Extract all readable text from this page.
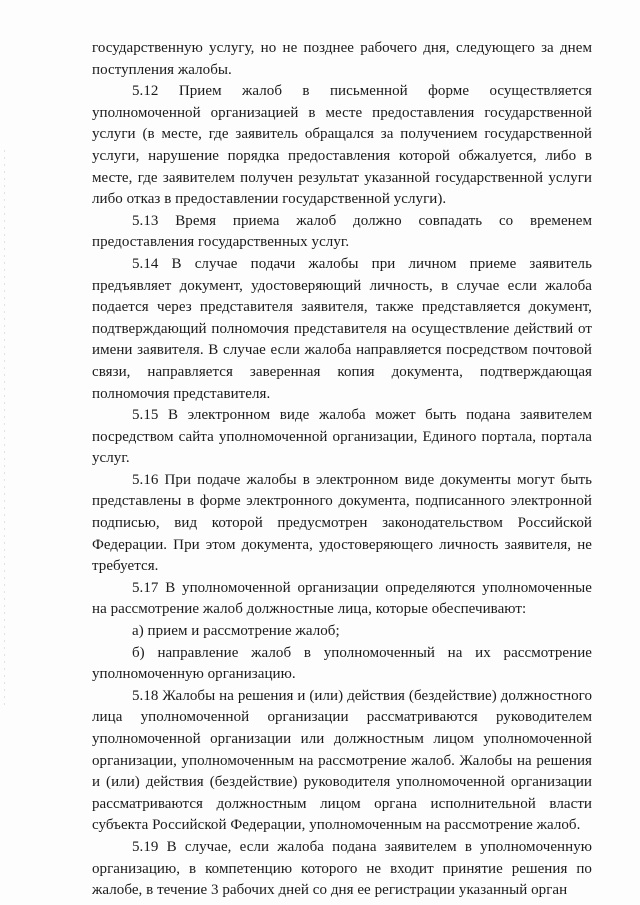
государственную услугу, но не позднее рабочего дня, следующего за днем поступления жалобы.

5.12 Прием жалоб в письменной форме осуществляется уполномоченной организацией в месте предоставления государственной услуги (в месте, где заявитель обращался за получением государственной услуги, нарушение порядка предоставления которой обжалуется, либо в месте, где заявителем получен результат указанной государственной услуги либо отказ в предоставлении государственной услуги).

5.13 Время приема жалоб должно совпадать со временем предоставления государственных услуг.

5.14 В случае подачи жалобы при личном приеме заявитель предъявляет документ, удостоверяющий личность, в случае если жалоба подается через представителя заявителя, также представляется документ, подтверждающий полномочия представителя на осуществление действий от имени заявителя. В случае если жалоба направляется посредством почтовой связи, направляется заверенная копия документа, подтверждающая полномочия представителя.

5.15 В электронном виде жалоба может быть подана заявителем посредством сайта уполномоченной организации, Единого портала, портала услуг.

5.16 При подаче жалобы в электронном виде документы могут быть представлены в форме электронного документа, подписанного электронной подписью, вид которой предусмотрен законодательством Российской Федерации. При этом документа, удостоверяющего личность заявителя, не требуется.

5.17 В уполномоченной организации определяются уполномоченные на рассмотрение жалоб должностные лица, которые обеспечивают:

а) прием и рассмотрение жалоб;

б) направление жалоб в уполномоченный на их рассмотрение уполномоченную организацию.

5.18 Жалобы на решения и (или) действия (бездействие) должностного лица уполномоченной организации рассматриваются руководителем уполномоченной организации или должностным лицом уполномоченной организации, уполномоченным на рассмотрение жалоб. Жалобы на решения и (или) действия (бездействие) руководителя уполномоченной организации рассматриваются должностным лицом органа исполнительной власти субъекта Российской Федерации, уполномоченным на рассмотрение жалоб.

5.19 В случае, если жалоба подана заявителем в уполномоченную организацию, в компетенцию которого не входит принятие решения по жалобе, в течение 3 рабочих дней со дня ее регистрации указанный орган
